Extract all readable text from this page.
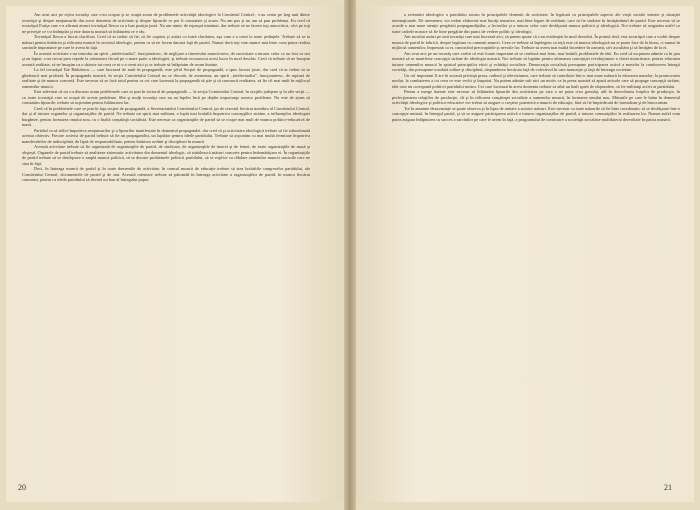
Am avut aici pe ciţiva tovarăşi care s-au ocupat şi se ocupă acum de problemele activităţii ideologice la Comitetul Central ; s-au certat pe larg unii dintre tovarăşii şi despre neajunsurile din acest domeniu de activitate şi despre lipsurile ce pot fi constatate şi acum. Nu am pus şi nu am să pun problema. Eu cred că tovarăşul Foriţa care s-a afirmat atunci tovarăşul Ilescu ca a luat poziţia justă. Nu am nimic de reproşat nimănui, dar trebuie să ne facem toţi autocritica, căci pe toţi ne priveşte ce s-a întîmplat şi este datoria noastră să înlăturăm ce e rău.

Tovarăşul Ilescu a lucrat clarificat. Cred că ar trebui să fie, să fie cuprins şi astăzi cu toată claritatea, aşa cum s-a cerut la toate şedinţele. Trebuie să se ia măsuri pentru întărirea şi ridicarea muncii în sectorul ideologic, pentru ca să ne facem datoria faţă de partid. Numai dacă toţi vom munci mai bine, vom putea realiza sarcinile importante pe care le avem în faţă.

În această activitate s-au introdus un spirit ,,intelectualist'', funcţionăresc, de neglijare a tineretului muncitoresc, de necesitate a tuturor celor ce au fost cu noi şi au luptat; s-au trecut prea repede la orientarea făcută pe o mare parte a ideologiei, şi trebuie recunoscut acest lucru în mod deschis. Cred că trebuie să ne însuşim această realitate, să ne însuşim ca o datorie tot ceea ce ni s-a cerut aici şi ce trebuie să înfăptuim de acum înainte.

La fel tovarăşul Ilie Rădulescu — care lucrează de mult în propagandă, este şeful Secţiei de propagandă, a spus lucruri juste, dar cred că ar trebui să se gîndească mai profund. În propaganda noastră, în secţia Comitetului Central nu se discută, de asemenea, un spirit ,,intelectualist'', funcţionăresc, de ruptură de realitate şi de munca concretă. Este necesar să se facă totul pentru ca cei care lucrează la propagandă să ştie şi să cunoască realitatea, să fie cît mai mult în mijlocul oamenilor muncii.

Este adevărat că nu s-a discutat acum problemele care se pun în sectorul de propagandă — la secţia Comitetului Central, în secţiile judeţene şi în alte secţii — cu toate tovarăşii care se ocupă de aceste probleme. Sînt şi mulţi tovarăşi care nu au înţeles încă pe deplin importanţa acestor probleme. Nu este de ajuns să constatăm lipsurile; trebuie să acţionăm pentru înlăturarea lor.

Cred că în problemele care se pun în faţa secţiei de propagandă, a Secretariatului Comitetului Central, ţin de resortul fiecărui membru al Comitetului Central, dar şi al tuturor organelor şi organizaţiilor de partid. Ne trebuie un spirit mai militant, o luptă mai hotărîtă împotriva concepţiilor străine, a influenţelor ideologiei burgheze, pentru formarea omului nou, cu o înaltă conştiinţă socialistă. Este necesar ca organizaţiile de partid să se ocupe mai mult de munca politico-educativă de masă.

Partidul ca să ridice împotriva neajunsurilor şi a lipsurilor manifestate în domeniul propagandei, dar cred că şi activitatea ideologică trebuie să fie subordonată acestui obiectiv. Fiecare activist de partid trebuie să fie un propagandist, un luptător pentru ideile partidului. Trebuie să acţionăm cu mai multă fermitate împotriva manifestărilor de indisciplină, de lipsă de responsabilitate, pentru întărirea ordinii şi disciplinei în muncă.

Această activitate trebuie să fie organizată de organizaţiile de partid, de sindicate, de organizaţiile de tineret şi de femei, de toate organizaţiile de masă şi obşteşti. Organele de partid trebuie să analizeze sistematic activitatea din domeniul ideologic, să stabilească măsuri concrete pentru îmbunătăţirea ei. În organizaţiile de partid trebuie să se desfăşoare o amplă muncă politică, să se discute problemele politicii partidului, să se explice cu răbdare oamenilor muncii sarcinile care ne stau în faţă.

Deci, în întreaga muncă de partid şi în toate domeniile de activitate, în centrul muncii de educaţie trebuie să stea hotărîrile congreselor partidului, ale Comitetului Central, documentele de partid şi de stat. Această orientare trebuie să pătrundă în întreaga activitate a organizaţiilor de partid, în munca fiecărui comunist, pentru ca ideile partidului să devină un bun al întregului popor.

20

a orientării ideologice a partidului nostru în principalele domenii de activitate, în legătură cu principalele aspecte ale vieţii sociale interne şi situaţiei internaţionale. De asemenea, vor trebui elaborate mai bucăţi tematice, mai bine legate de realitate, care să fie studiate în învăţămîntul de partid. Este necesar să se acorde o mai mare atenţie pregătirii propagandiştilor, a lectorilor şi a tuturor celor care desfăşoară munca politică şi ideologică. Noi trebuie să asigurăm astfel ca toate cadrele noastre să fie bine pregătite din punct de vedere politic şi ideologic.

Am ascultat astăzi pe unii tovarăşi care mai lucrează aici, să putem spune că s-au evidenţiat în mod deosebit. În primul rînd, este tovarăşul care a vorbit despre munca de partid în fabrică, despre legătura cu oamenii muncii. Ceea ce trebuie să înţelegem cu toţii este că munca ideologică nu se poate face de la birou, ci numai în mijlocul oamenilor, împreună cu ei, cunoscînd preocupările şi nevoile lor. Trebuie să avem mai multă încredere în oameni, să-i ascultăm şi să învăţăm de la ei.

Am avut aici pe un tovarăş care vorbit că este foarte important să se conducă mai ferm, mai hotărît, problemele de idei. Eu cred că nu putem admite ca în ţara noastră să se manifeste concepţii străine de ideologia noastră. Noi trebuie să luptăm pentru afirmarea concepţiei revoluţionare a clasei muncitoare, pentru educarea tuturor oamenilor muncii în spiritul principiilor eticii şi echităţii socialiste. Democraţia socialistă presupune participarea activă a maselor la conducerea întregii societăţi, dar presupune totodată ordine şi disciplină, răspunderea fiecăruia faţă de colectivul în care munceşte şi faţă de întreaga societate.

Un rol important îl are în această privinţă presa, radioul şi televiziunea, care trebuie să contribuie într-o mai mare măsură la educarea maselor, la promovarea noului, la combaterea a tot ceea ce este vechi şi înapoiat. Nu putem admite sub nici un motiv ca în presa noastră să apară articole care să propage concepţii străine, idei care nu corespund politicii partidului nostru. Cei care lucrează în acest domeniu trebuie să aibă un înalt spirit de răspundere, să fie militanţi activi ai partidului.

Pentru a merge înainte este necesar să înlăturăm lipsurile din activitatea pe care o ne pune crea greutăţi, atît în dezvoltarea forţelor de producţie, în perfecţionarea relaţiilor de producţie, cît şi în ridicarea conştiinţei socialiste a oamenilor muncii, în formarea omului nou. Măsurile pe care le luăm în domeniul activităţii ideologice şi politico-educative vor trebui să asigure o creştere puternică a muncii de educaţie, fără să fie împiedicată de formalism şi de birocratism.

Tot în anumite dezavantaje se poate observa şi în lipsa de unitate a acestor măsuri. Este necesar ca toate măsurile să fie bine coordonate, să se desfăşoare într-o concepţie unitară, în întregul partid, şi să se asigure participarea activă a tuturor organizaţiilor de partid, a tuturor comuniştilor la realizarea lor. Numai astfel vom putea asigura înfăptuirea cu succes a sarcinilor pe care le avem în faţă, a programului de construire a societăţii socialiste multilateral dezvoltate în patria noastră.

21
